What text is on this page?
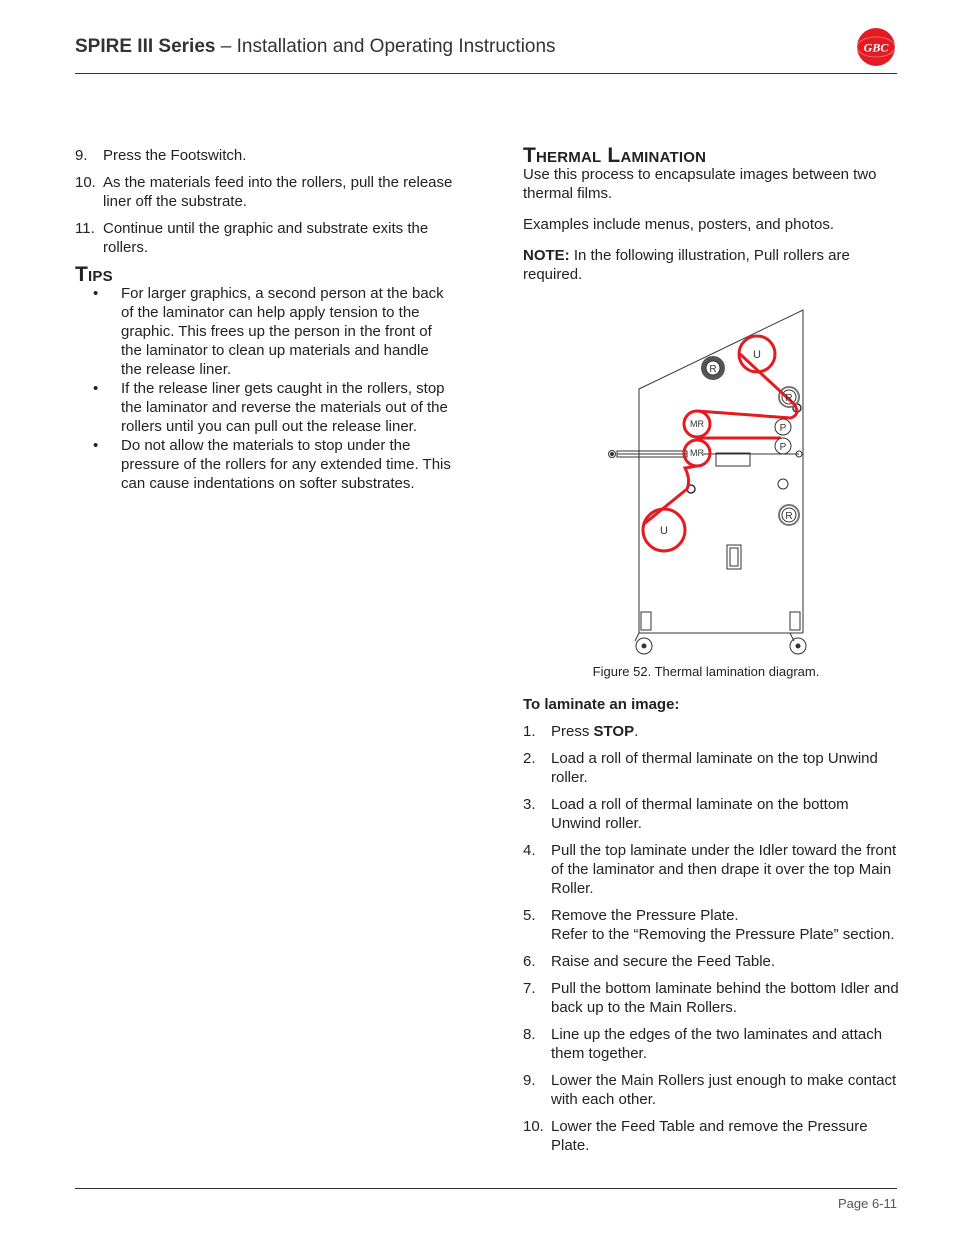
SPIRE III Series – Installation and Operating Instructions	GBC
9.	Press the Footswitch.
10. As the materials feed into the rollers, pull the release liner off the substrate.
11. Continue until the graphic and substrate exits the rollers.
Tips
•	For larger graphics, a second person at the back of the laminator can help apply tension to the graphic. This frees up the person in the front of the laminator to clean up materials and handle the release liner.
•	If the release liner gets caught in the rollers, stop the laminator and reverse the materials out of the rollers until you can pull out the release liner.
•	Do not allow the materials to stop under the pressure of the rollers for any extended time. This can cause indentations on softer substrates.
Thermal Lamination

Use this process to encapsulate images between two thermal films.

Examples include menus, posters, and photos.

NOTE: In the following illustration, Pull rollers are required.

U
U
R
R
R
MR
MR
P
P
Figure 52. Thermal lamination diagram.
To laminate an image:
1.	Press STOP.
2.	Load a roll of thermal laminate on the top Unwind roller.
3.	Load a roll of thermal laminate on the bottom Unwind roller.
4.	Pull the top laminate under the Idler toward the front of the laminator and then drape it over the top Main Roller.
5.	Remove the Pressure Plate.
Refer to the “Removing the Pressure Plate” section.
6.	Raise and secure the Feed Table.
7.	Pull the bottom laminate behind the bottom Idler and back up to the Main Rollers.
8.	Line up the edges of the two laminates and attach them together.
9.	Lower the Main Rollers just enough to make contact with each other.
10. Lower the Feed Table and remove the Pressure Plate.
Page 6-11
